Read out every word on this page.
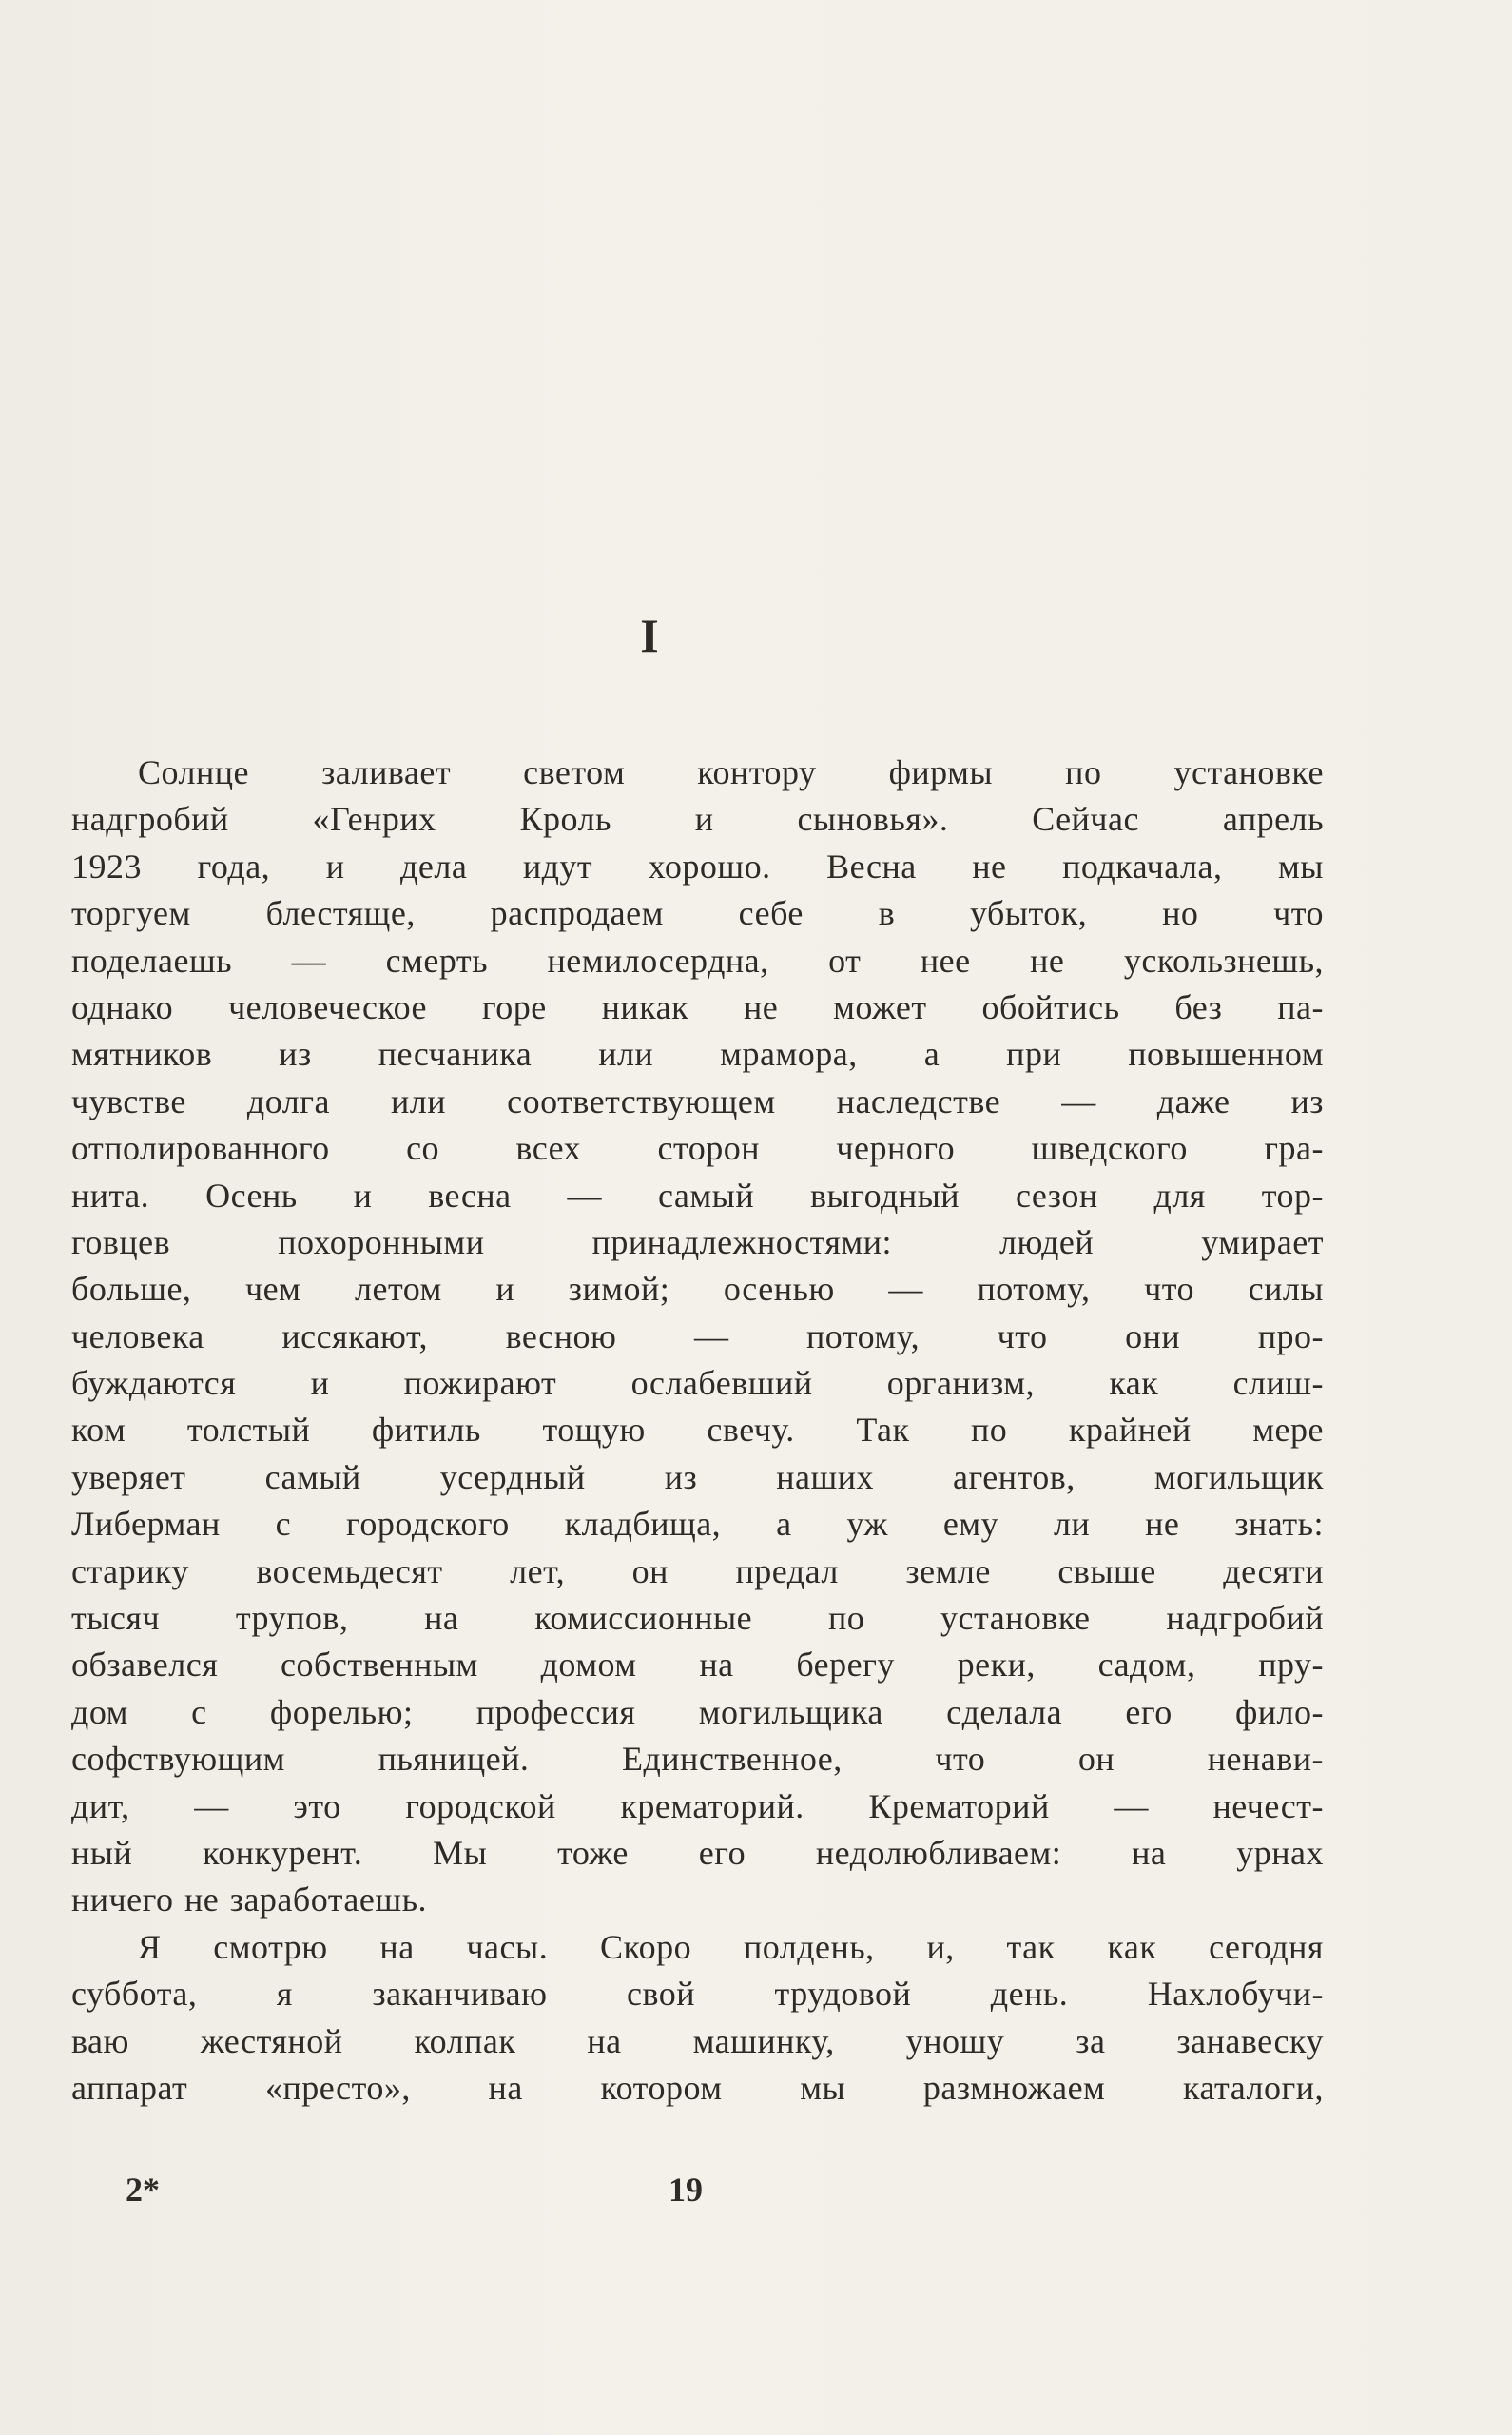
I
Солнце заливает светом контору фирмы по установке
надгробий «Генрих Кроль и сыновья». Сейчас апрель
1923 года, и дела идут хорошо. Весна не подкачала, мы
торгуем блестяще, распродаем себе в убыток, но что
поделаешь — смерть немилосердна, от нее не ускользнешь,
однако человеческое горе никак не может обойтись без па-
мятников из песчаника или мрамора, а при повышенном
чувстве долга или соответствующем наследстве — даже из
отполированного со всех сторон черного шведского гра-
нита. Осень и весна — самый выгодный сезон для тор-
говцев похоронными принадлежностями: людей умирает
больше, чем летом и зимой; осенью — потому, что силы
человека иссякают, весною — потому, что они про-
буждаются и пожирают ослабевший организм, как слиш-
ком толстый фитиль тощую свечу. Так по крайней мере
уверяет самый усердный из наших агентов, могильщик
Либерман с городского кладбища, а уж ему ли не знать:
старику восемьдесят лет, он предал земле свыше десяти
тысяч трупов, на комиссионные по установке надгробий
обзавелся собственным домом на берегу реки, садом, пру-
дом с форелью; профессия могильщика сделала его фило-
софствующим пьяницей. Единственное, что он ненави-
дит, — это городской крематорий. Крематорий — нечест-
ный конкурент. Мы тоже его недолюбливаем: на урнах
ничего не заработаешь.
Я смотрю на часы. Скоро полдень, и, так как сегодня
суббота, я заканчиваю свой трудовой день. Нахлобучи-
ваю жестяной колпак на машинку, уношу за занавеску
аппарат «престо», на котором мы размножаем каталоги,
2*	19
